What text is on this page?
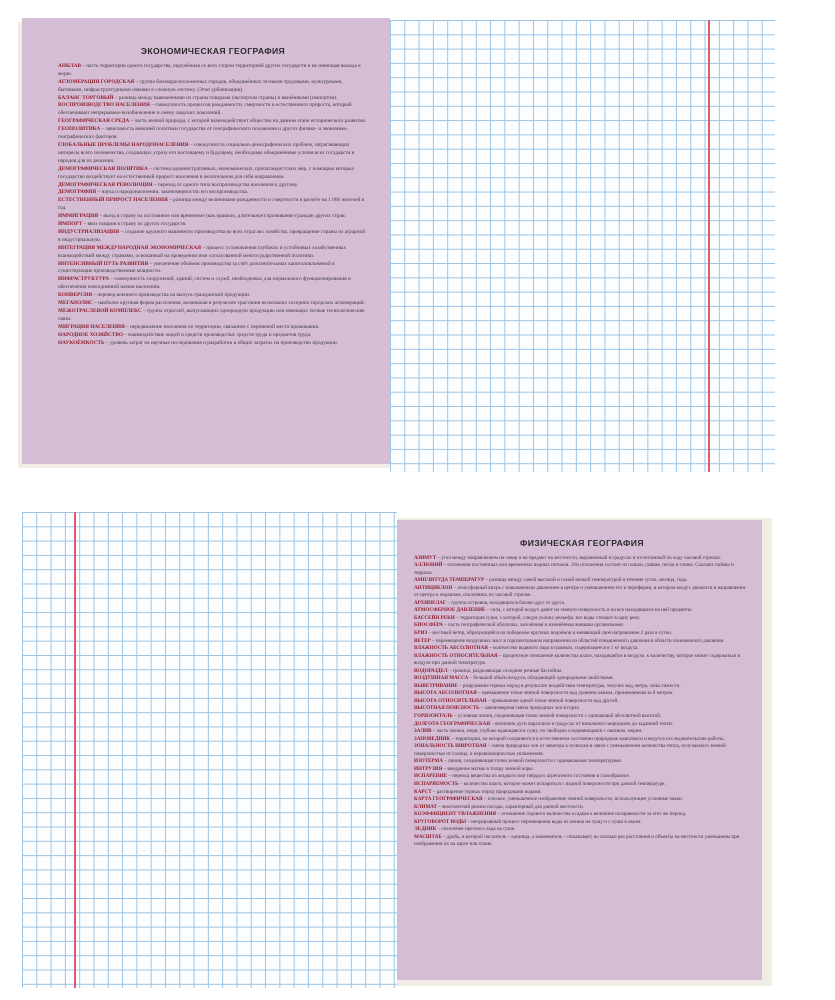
ЭКОНОМИЧЕСКАЯ ГЕОГРАФИЯ
АНКЛАВ – часть территории одного государства, окружённая со всех сторон территорией других государств и не имеющая выхода к морю.
АГЛОМЕРАЦИЯ ГОРОДСКАЯ – группа близкорасположенных городов, объединённых тесными трудовыми, культурными, бытовыми, инфраструктурными связями в сложную систему. (Этап урбанизации).
БАЛАНС ТОРГОВЫЙ – разница между вывезенными из страны товарами (экспортом страны) и ввезёнными (импортом).
ВОСПРОИЗВОДСТВО НАСЕЛЕНИЯ – совокупность процессов рождаемости, смертности и естественного прироста, который обеспечивают непрерывное возобновление и смену людских поколений.
ГЕОГРАФИЧЕСКАЯ СРЕДА – часть земной природы, с которой взаимодействует общество на данном этапе исторического развития.
ГЕОПОЛИТИКА – зависимость внешней политики государства от географического положения и других физико- и экономико-географических факторов.
ГЛОБАЛЬНЫЕ ПРОБЛЕМЫ НАРОДОНАСЕЛЕНИЯ – совокупность социально-демографических проблем, затрагивающих интересы всего человечества, создающих угрозу его настоящему и будущему, необходимы объединённые усилия всех государств и народов для их решения.
ДЕМОГРАФИЧЕСКАЯ ПОЛИТИКА – система административных, экономических, пропагандистских мер, с помощью которых государство воздействует на естественный прирост населения в желательном для себя направлении.
ДЕМОГРАФИЧЕСКАЯ РЕВОЛЮЦИЯ – переход от одного типа воспроизводства населения к другому.
ДЕМОГРАФИЯ – наука о народонаселении, закономерностях его воспроизводства.
ЕСТЕСТВЕННЫЙ ПРИРОСТ НАСЕЛЕНИЯ – разница между величинами рождаемости и смертности в расчёте на 1 000 жителей в год.
ИММИГРАЦИЯ – въезд в страну на постоянное или временное (как правило, длительное) проживание граждан других стран.
ИМПОРТ – ввоз товаров в страну из других государств.
ИНДУСТРИАЛИЗАЦИЯ – создание крупного машинного производства во всех отраслях хозяйства, превращение страны из аграрной в индустриальную.
ИНТЕГРАЦИЯ МЕЖДУНАРОДНАЯ ЭКОНОМИЧЕСКАЯ – процесс установления глубоких и устойчивых хозяйственных взаимодействий между странами, основанный на проведении ими согласованной межгосударственной политики.
ИНТЕНСИВНЫЙ ПУТЬ РАЗВИТИЯ – увеличение объёмов производства за счёт дополнительных капиталовложений в существующие производственные мощности.
ИНФРАСТРУКТУРА – совокупность сооружений, зданий, систем и служб, необходимых для нормального функционирования и обеспечения повседневной жизни населения.
КОНВЕРСИЯ – перевод военного производства на выпуск гражданской продукции.
МЕГАПОЛИС – наиболее крупная форма расселения, возникшая в результате срастания нескольких соседних городских агломераций.
МЕЖОТРАСЛЕВОЙ КОМПЛЕКС – группа отраслей, выпускающих однородную продукцию или имеющих тесные технологические связи.
МИГРАЦИЯ НАСЕЛЕНИЯ – передвижение населения по территории, связанное с переменой места проживания.
НАРОДНОЕ ХОЗЯЙСТВО – взаимодействие людей и средств производства: средств труда и предметов труда.
НАУКОЁМКОСТЬ – уровень затрат на научные исследования и разработки в общих затратах на производство продукции.
ФИЗИЧЕСКАЯ ГЕОГРАФИЯ
АЗИМУТ – угол между направлением на север и на предмет на местности, выраженный в градусах и отсчитанный по ходу часовой стрелки.
АЛЛЮВИЙ – отложения постоянных или временных водных потоков. Эти отложения состоят из гальки, гравия, песка и глины. Слагают поймы и террасы.
АМПЛИТУДА ТЕМПЕРАТУР – разница между самой высокой и самой низкой температурой в течение суток, месяца, года.
АНТИЦИКЛОН – атмосферный вихрь с повышенным давлением в центре и уменьшением его к периферии, в котором воздух движется в направлении от центра к окраинам, отклоняясь по часовой стрелке.
АРХИПЕЛАГ – группа островов, находящихся близко друг от друга.
АТМОСФЕРНОЕ ДАВЛЕНИЕ – сила, с которой воздух давит на земную поверхность и на все находящиеся на ней предметы.
БАССЕЙН РЕКИ – территория суши, с которой, следуя уклону рельефа, все воды стекают в одну реку.
БИОСФЕРА – часть географической оболочки, заселённая и изменённая живыми организмами.
БРИЗ – местный ветер, образующийся на побережье крупных водоёмов и меняющий своё направление 2 раза в сутки.
ВЕТЕР – перемещение воздушных масс в горизонтальном направлении из областей повышенного давления в области пониженного давления.
ВЛАЖНОСТЬ АБСОЛЮТНАЯ – количество водяного пара в граммах, содержащееся в 1 м³ воздуха.
ВЛАЖНОСТЬ ОТНОСИТЕЛЬНАЯ – процентное отношение количества влаги, находящейся в воздухе, к количеству, которое может содержаться в воздухе при данной температуре.
ВОДОРАЗДЕЛ – граница, разделяющая соседние речные бассейны.
ВОЗДУШНАЯ МАССА – большой объём воздуха, обладающий однородными свойствами.
ВЫВЕТРИВАНИЕ – разрушение горных пород в результате воздействия температуры, текучих вод, ветра, силы тяжести.
ВЫСОТА АБСОЛЮТНАЯ – превышение точки земной поверхности над уровнем океана, принимаемым за 0 метров.
ВЫСОТА ОТНОСИТЕЛЬНАЯ – превышение одной точки земной поверхности над другой.
ВЫСОТНАЯ ПОЯСНОСТЬ – закономерная смена природных зон в горах.
ГОРИЗОНТАЛЬ – условная линия, соединяющая точки земной поверхности с одинаковой абсолютной высотой.
ДОЛГОТА ГЕОГРАФИЧЕСКАЯ – величина дуги параллели в градусах от начального меридиана до заданной точки.
ЗАЛИВ – часть океана, моря, глубоко вдающаяся в сушу, но свободно соединяющаяся с океаном, морем.
ЗАПОВЕДНИК – территория, на которой сохраняются в естественном состоянии природные комплексы и ведутся исследовательские работы.
ЗОНАЛЬНОСТЬ ШИРОТНАЯ – смена природных зон от экватора к полюсам в связи с уменьшением количества тепла, получаемого земной поверхностью от солнца, и неравномерностью увлажнения.
ИЗОТЕРМА – линия, соединяющая точки земной поверхности с одинаковыми температурами.
ИНТРУЗИЯ – внедрение магмы в толщу земной коры.
ИСПАРЕНИЕ – переход вещества из жидкого или твёрдого агрегатного состояния в газообразное.
ИСПАРЯЕМОСТЬ – количество влаги, которое может испариться с водной поверхности при данной температуре.
КАРСТ – растворение горных пород природными водами.
КАРТА ГЕОГРАФИЧЕСКАЯ – плоское, уменьшенное изображение земной поверхности, использующее условные знаки.
КЛИМАТ – многолетний режим погоды, характерный для данной местности.
КОЭФФИЦИЕНТ УВЛАЖНЕНИЯ – отношение годового количества осадков к величине испаряемости за этот же период.
КРУГОВОРОТ ВОДЫ – непрерывный процесс перемещения воды из океана на сушу и с суши в океан.
ЛЕДНИК – скопление пресного льда на суше.
МАСШТАБ – дробь, в которой числитель – единица, а знаменатель – показывает, во сколько раз расстояния и объекты на местности уменьшены при изображении их на карте или плане.
